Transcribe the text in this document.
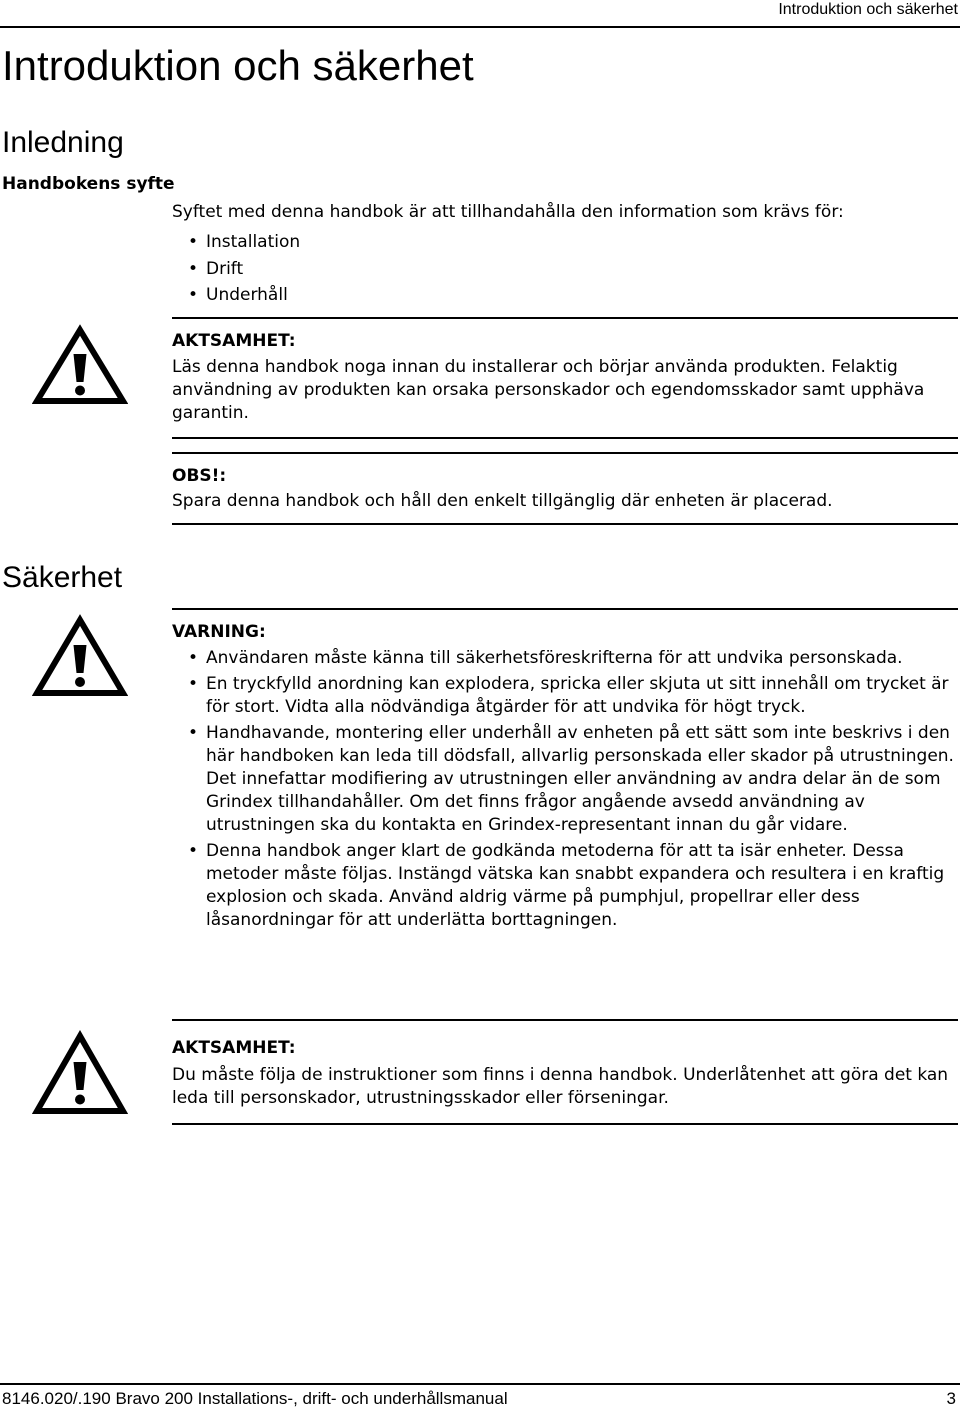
Introduktion och säkerhet
Introduktion och säkerhet
Inledning
Handbokens syfte

Syftet med denna handbok är att tillhandahålla den information som krävs för:

• Installation
• Drift
• Underhåll

AKTSAMHET:

Läs denna handbok noga innan du installerar och börjar använda produkten. Felaktig användning av produkten kan orsaka personskador och egendomsskador samt upphäva garantin.

OBS!:

Spara denna handbok och håll den enkelt tillgänglig där enheten är placerad.

Säkerhet

VARNING:

• Användaren måste känna till säkerhetsföreskrifterna för att undvika personskada.
• En tryckfylld anordning kan explodera, spricka eller skjuta ut sitt innehåll om trycket är för stort. Vidta alla nödvändiga åtgärder för att undvika för högt tryck.
• Handhavande, montering eller underhåll av enheten på ett sätt som inte beskrivs i den här handboken kan leda till dödsfall, allvarlig personskada eller skador på utrustningen. Det innefattar modifiering av utrustningen eller användning av andra delar än de som Grindex tillhandahåller. Om det finns frågor angående avsedd användning av utrustningen ska du kontakta en Grindex-representant innan du går vidare.
• Denna handbok anger klart de godkända metoderna för att ta isär enheter. Dessa metoder måste följas. Instängd vätska kan snabbt expandera och resultera i en kraftig explosion och skada. Använd aldrig värme på pumphjul, propellrar eller dess låsanordningar för att underlätta borttagningen.

AKTSAMHET:

Du måste följa de instruktioner som finns i denna handbok. Underlåtenhet att göra det kan leda till personskador, utrustningsskador eller förseningar.

8146.020/.190 Bravo 200 Installations-, drift- och underhållsmanual	3
